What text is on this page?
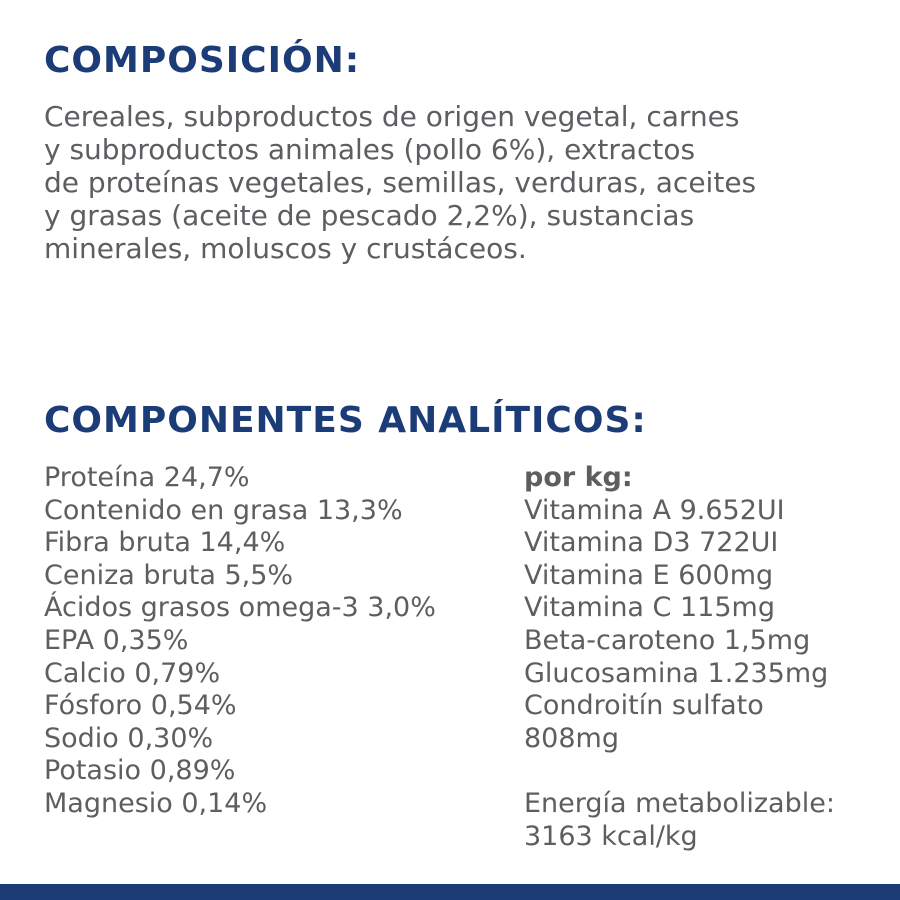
COMPOSICIÓN:

Cereales, subproductos de origen vegetal, carnes
y subproductos animales (pollo 6%), extractos
de proteínas vegetales, semillas, verduras, aceites
y grasas (aceite de pescado 2,2%), sustancias
minerales, moluscos y crustáceos.

COMPONENTES ANALÍTICOS:
Proteína 24,7%
Contenido en grasa 13,3%
Fibra bruta 14,4%
Ceniza bruta 5,5%
Ácidos grasos omega-3 3,0%
EPA 0,35%
Calcio 0,79%
Fósforo 0,54%
Sodio 0,30%
Potasio 0,89%
Magnesio 0,14%
por kg:
Vitamina A 9.652UI
Vitamina D3 722UI
Vitamina E 600mg
Vitamina C 115mg
Beta-caroteno 1,5mg
Glucosamina 1.235mg
Condroitín sulfato
808mg
Energía metabolizable:
3163 kcal/kg
